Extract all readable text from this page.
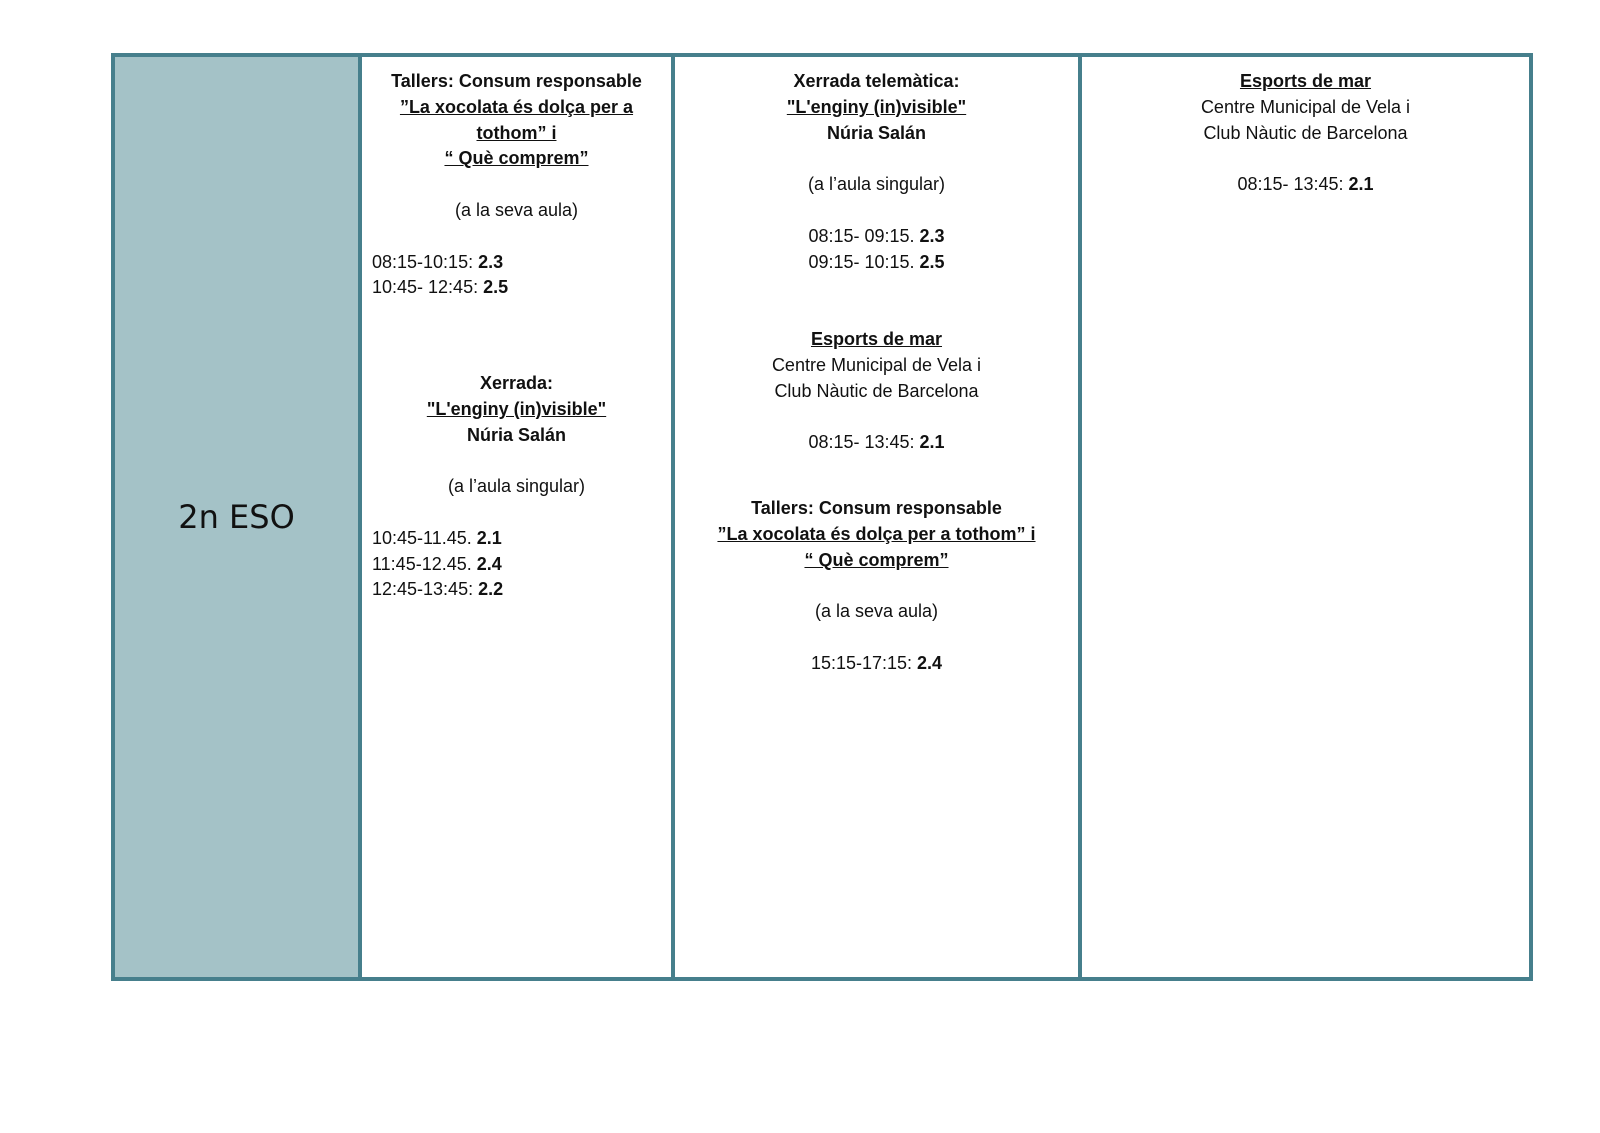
2n ESO
Tallers: Consum responsable
”La xocolata és dolça per a
tothom” i
“ Què comprem”
(a la seva aula)
08:15-10:15: 2.3
10:45- 12:45: 2.5
Xerrada:
"L'enginy (in)visible"
Núria Salán
(a l’aula singular)
10:45-11.45. 2.1
11:45-12.45. 2.4
12:45-13:45: 2.2
Xerrada telemàtica:
"L'enginy (in)visible"
Núria Salán
(a l’aula singular)
08:15- 09:15. 2.3
09:15- 10:15. 2.5
Esports de mar
Centre Municipal de Vela i
Club Nàutic de Barcelona
08:15- 13:45: 2.1
Tallers: Consum responsable
”La xocolata és dolça per a tothom” i
“ Què comprem”
(a la seva aula)
15:15-17:15: 2.4
Esports de mar
Centre Municipal de Vela i
Club Nàutic de Barcelona
08:15- 13:45: 2.1
